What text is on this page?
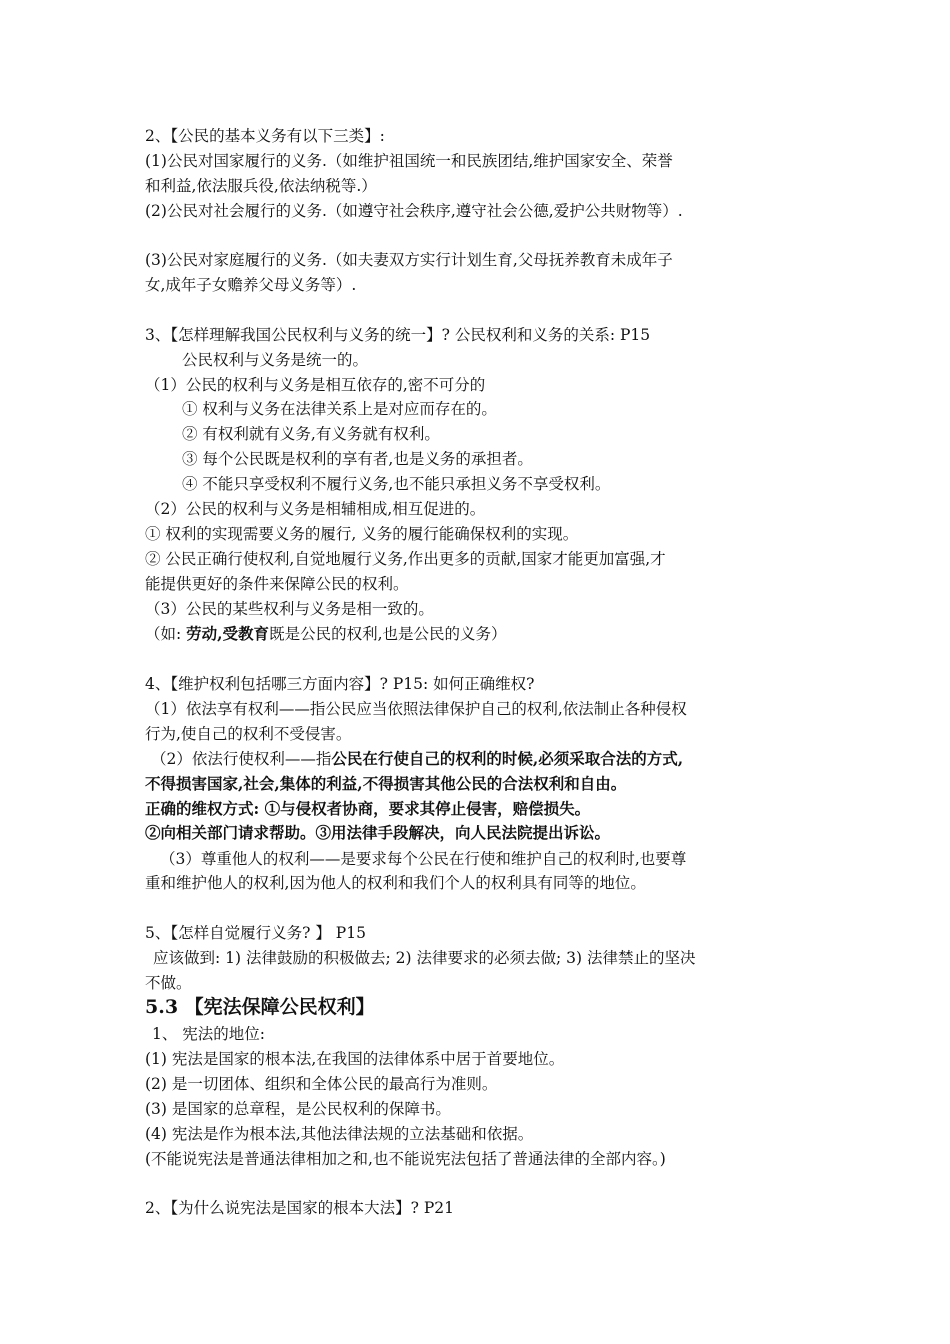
2、【公民的基本义务有以下三类】:
(1)公民对国家履行的义务.（如维护祖国统一和民族团结,维护国家安全、荣誉
和利益,依法服兵役,依法纳税等.）
(2)公民对社会履行的义务.（如遵守社会秩序,遵守社会公德,爱护公共财物等）.
(3)公民对家庭履行的义务.（如夫妻双方实行计划生育,父母抚养教育未成年子
女,成年子女赡养父母义务等）.
3、【怎样理解我国公民权利与义务的统一】? 公民权利和义务的关系: P15
公民权利与义务是统一的。
（1）公民的权利与义务是相互依存的,密不可分的
① 权利与义务在法律关系上是对应而存在的。
② 有权利就有义务,有义务就有权利。
③ 每个公民既是权利的享有者,也是义务的承担者。
④ 不能只享受权利不履行义务,也不能只承担义务不享受权利。
（2）公民的权利与义务是相辅相成,相互促进的。
① 权利的实现需要义务的履行, 义务的履行能确保权利的实现。
② 公民正确行使权利,自觉地履行义务,作出更多的贡献,国家才能更加富强,才
能提供更好的条件来保障公民的权利。
（3）公民的某些权利与义务是相一致的。
（如: 劳动,受教育既是公民的权利,也是公民的义务）
4、【维护权利包括哪三方面内容】? P15: 如何正确维权?
（1）依法享有权利——指公民应当依照法律保护自己的权利,依法制止各种侵权
行为,使自己的权利不受侵害。
（2）依法行使权利——指公民在行使自己的权利的时候,必须采取合法的方式,
不得损害国家,社会,集体的利益,不得损害其他公民的合法权利和自由。
正确的维权方式: ①与侵权者协商，要求其停止侵害，赔偿损失。
②向相关部门请求帮助。③用法律手段解决，向人民法院提出诉讼。
（3）尊重他人的权利——是要求每个公民在行使和维护自己的权利时,也要尊
重和维护他人的权利,因为他人的权利和我们个人的权利具有同等的地位。
5、【怎样自觉履行义务? 】 P15
应该做到: 1) 法律鼓励的积极做去; 2) 法律要求的必须去做; 3) 法律禁止的坚决
不做。
5.3 【宪法保障公民权利】
1、 宪法的地位:
(1) 宪法是国家的根本法,在我国的法律体系中居于首要地位。
(2) 是一切团体、组织和全体公民的最高行为准则。
(3) 是国家的总章程，是公民权利的保障书。
(4) 宪法是作为根本法,其他法律法规的立法基础和依据。
(不能说宪法是普通法律相加之和,也不能说宪法包括了普通法律的全部内容。)
2、【为什么说宪法是国家的根本大法】? P21
